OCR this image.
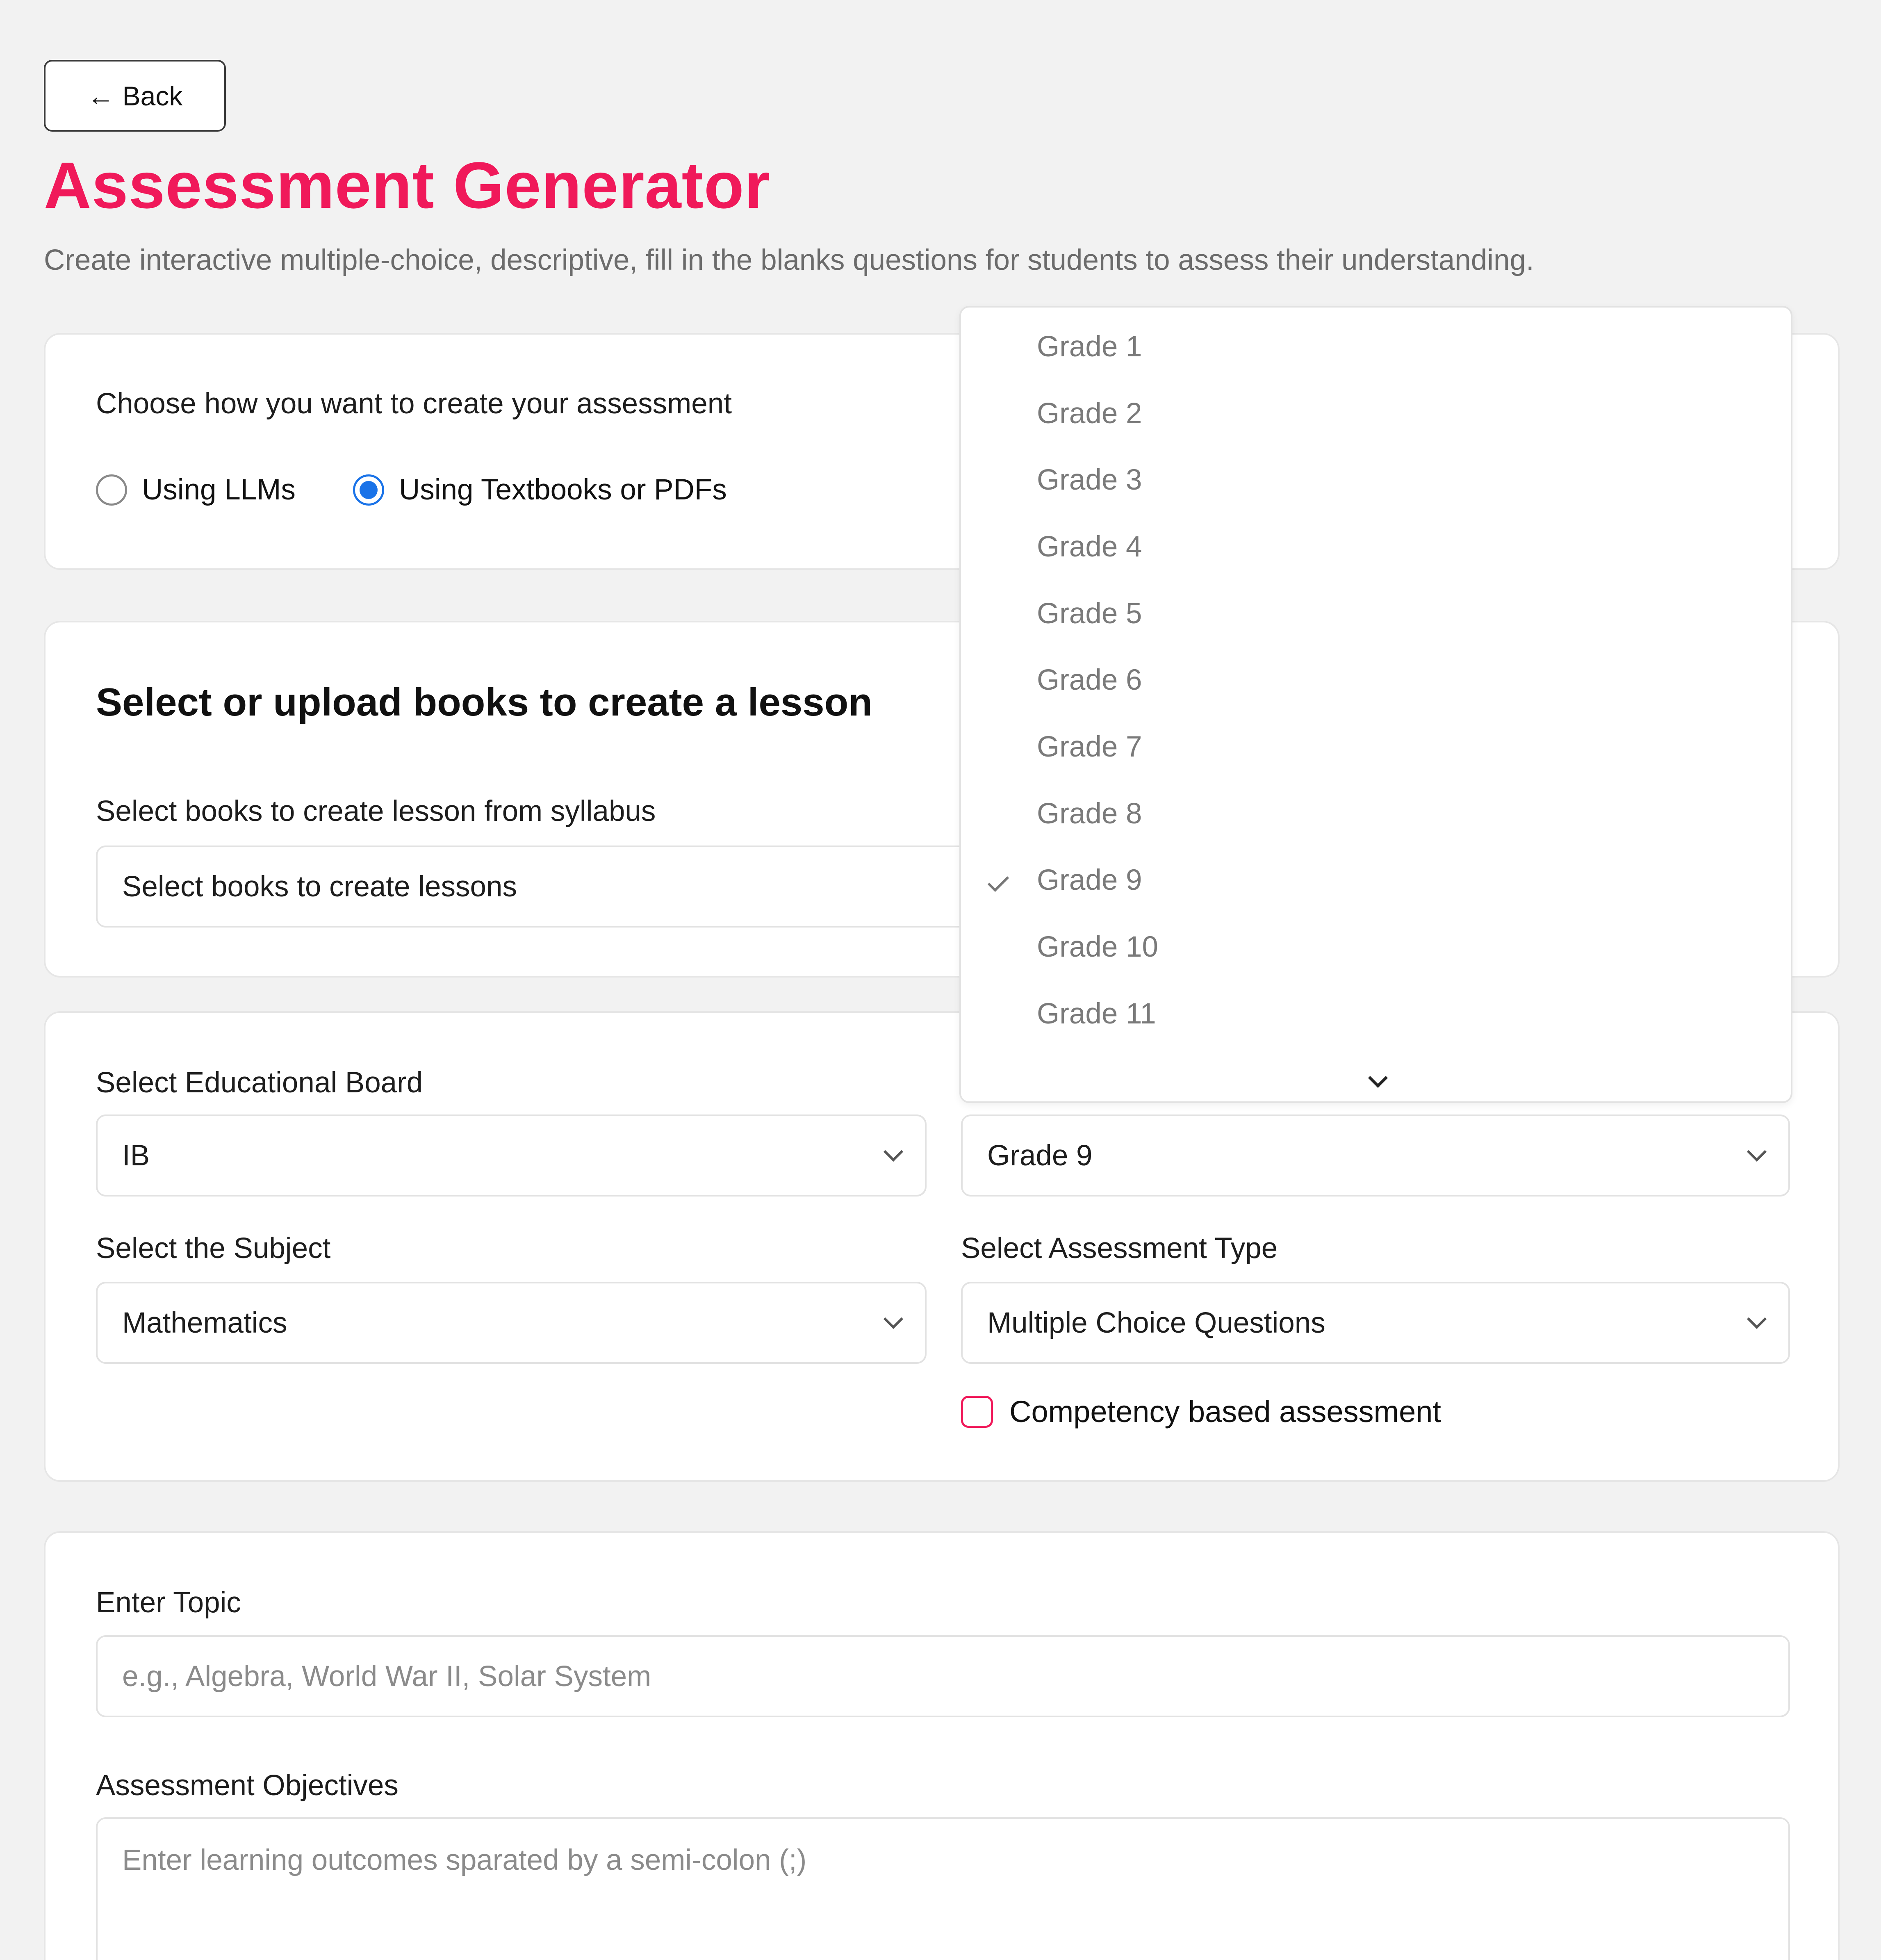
← Back
Assessment Generator
Create interactive multiple-choice, descriptive, fill in the blanks questions for students to assess their understanding.
Choose how you want to create your assessment
Using LLMs	Using Textbooks or PDFs
Select or upload books to create a lesson
Select books to create lesson from syllabus
Select books to create lessons
Select Educational Board
IB	Grade 9
Select the Subject
Mathematics
Select Assessment Type
Multiple Choice Questions
Competency based assessment
Enter Topic
e.g., Algebra, World War II, Solar System
Assessment Objectives
Enter learning outcomes sparated by a semi-colon (;)
Grade 1
Grade 2
Grade 3
Grade 4
Grade 5
Grade 6
Grade 7
Grade 8
Grade 9
Grade 10
Grade 11
